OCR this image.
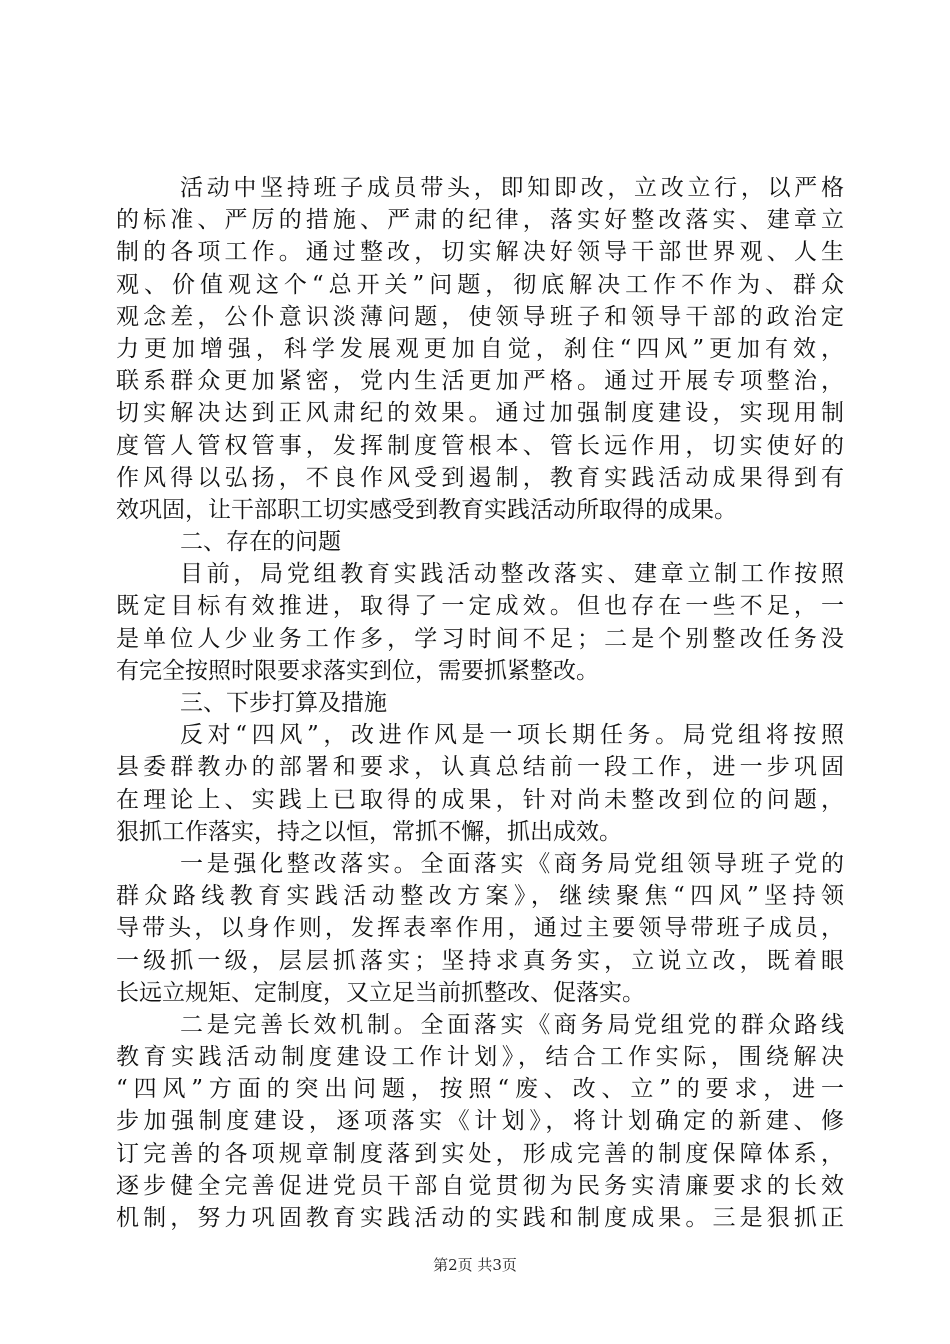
活动中坚持班子成员带头，即知即改，立改立行，以严格
的标准、严厉的措施、严肃的纪律，落实好整改落实、建章立
制的各项工作。通过整改，切实解决好领导干部世界观、人生
观、价值观这个“总开关”问题，彻底解决工作不作为、群众
观念差，公仆意识淡薄问题，使领导班子和领导干部的政治定
力更加增强，科学发展观更加自觉，刹住“四风”更加有效，
联系群众更加紧密，党内生活更加严格。通过开展专项整治，
切实解决达到正风肃纪的效果。通过加强制度建设，实现用制
度管人管权管事，发挥制度管根本、管长远作用，切实使好的
作风得以弘扬，不良作风受到遏制，教育实践活动成果得到有
效巩固，让干部职工切实感受到教育实践活动所取得的成果。
二、存在的问题
目前，局党组教育实践活动整改落实、建章立制工作按照
既定目标有效推进，取得了一定成效。但也存在一些不足，一
是单位人少业务工作多，学习时间不足；二是个别整改任务没
有完全按照时限要求落实到位，需要抓紧整改。
三、下步打算及措施
反对“四风”，改进作风是一项长期任务。局党组将按照
县委群教办的部署和要求，认真总结前一段工作，进一步巩固
在理论上、实践上已取得的成果，针对尚未整改到位的问题，
狠抓工作落实，持之以恒，常抓不懈，抓出成效。
一是强化整改落实。全面落实《商务局党组领导班子党的
群众路线教育实践活动整改方案》，继续聚焦“四风”坚持领
导带头，以身作则，发挥表率作用，通过主要领导带班子成员，
一级抓一级，层层抓落实；坚持求真务实，立说立改，既着眼
长远立规矩、定制度，又立足当前抓整改、促落实。
二是完善长效机制。全面落实《商务局党组党的群众路线
教育实践活动制度建设工作计划》，结合工作实际，围绕解决
“四风”方面的突出问题，按照“废、改、立”的要求，进一
步加强制度建设，逐项落实《计划》，将计划确定的新建、修
订完善的各项规章制度落到实处，形成完善的制度保障体系，
逐步健全完善促进党员干部自觉贯彻为民务实清廉要求的长效
机制，努力巩固教育实践活动的实践和制度成果。三是狠抓正
第2页 共3页
